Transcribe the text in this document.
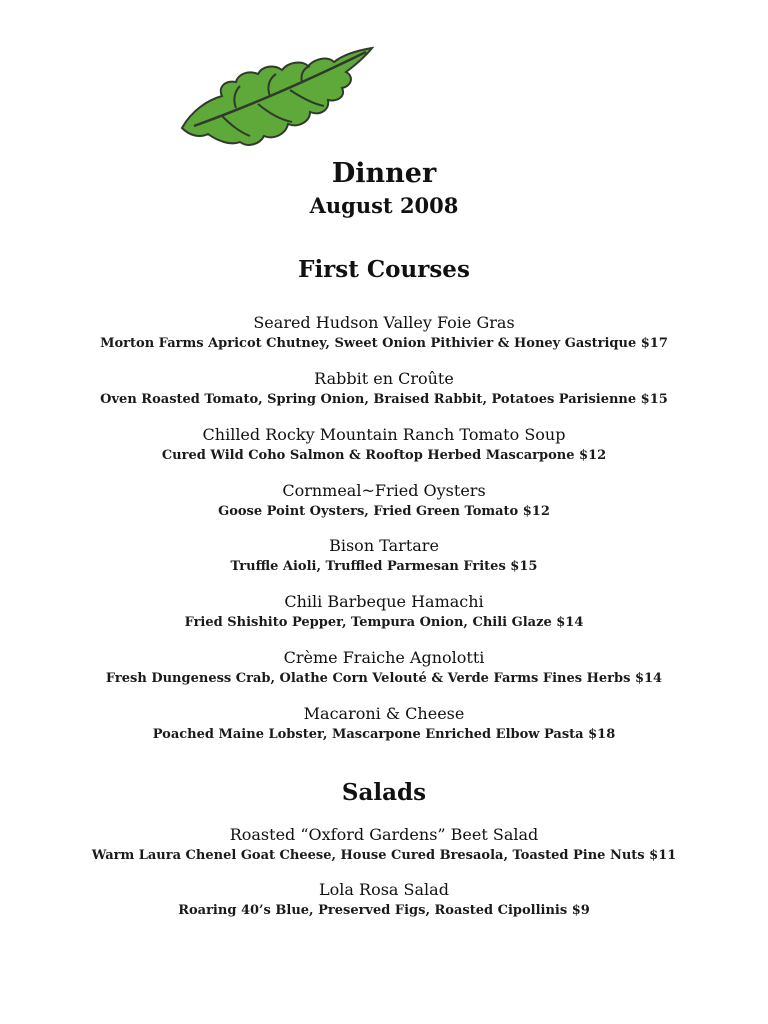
Dinner
August 2008
First Courses
Seared Hudson Valley Foie Gras
Morton Farms Apricot Chutney, Sweet Onion Pithivier & Honey Gastrique $17
Rabbit en Croûte
Oven Roasted Tomato, Spring Onion, Braised Rabbit, Potatoes Parisienne $15
Chilled Rocky Mountain Ranch Tomato Soup
Cured Wild Coho Salmon & Rooftop Herbed Mascarpone $12
Cornmeal~Fried Oysters
Goose Point Oysters, Fried Green Tomato $12
Bison Tartare
Truffle Aioli, Truffled Parmesan Frites $15
Chili Barbeque Hamachi
Fried Shishito Pepper, Tempura Onion, Chili Glaze $14
Crème Fraiche Agnolotti
Fresh Dungeness Crab, Olathe Corn Velouté & Verde Farms Fines Herbs $14
Macaroni & Cheese
Poached Maine Lobster, Mascarpone Enriched Elbow Pasta $18
Salads
Roasted “Oxford Gardens” Beet Salad
Warm Laura Chenel Goat Cheese, House Cured Bresaola, Toasted Pine Nuts $11
Lola Rosa Salad
Roaring 40’s Blue, Preserved Figs, Roasted Cipollinis $9
